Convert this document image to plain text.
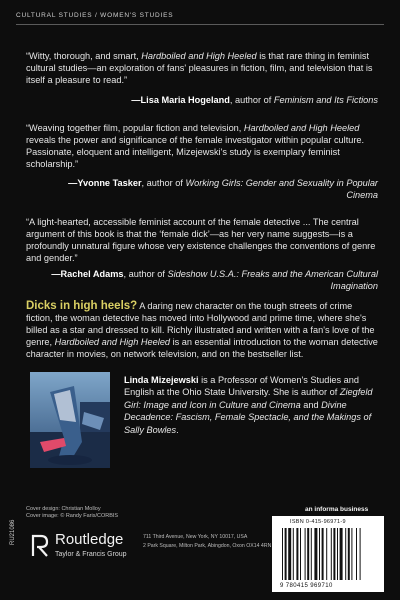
CULTURAL STUDIES / WOMEN'S STUDIES
“Witty, thorough, and smart, Hardboiled and High Heeled is that rare thing in feminist cultural studies—an exploration of fans' pleasures in fiction, film, and television that is itself a pleasure to read.”
—Lisa Maria Hogeland, author of Feminism and Its Fictions
“Weaving together film, popular fiction and television, Hardboiled and High Heeled reveals the power and significance of the female investigator within popular culture. Passionate, eloquent and intelligent, Mizejewski's study is exemplary feminist scholarship.”
—Yvonne Tasker, author of Working Girls: Gender and Sexuality in Popular Cinema
“A light-hearted, accessible feminist account of the female detective ... The central argument of this book is that the ‘female dick’—as her very name suggests—is a profoundly unnatural figure whose very existence challenges the conventions of genre and gender.”
—Rachel Adams, author of Sideshow U.S.A.: Freaks and the American Cultural Imagination
Dicks in high heels? A daring new character on the tough streets of crime fiction, the woman detective has moved into Hollywood and prime time, where she's billed as a star and dressed to kill. Richly illustrated and written with a fan's love of the genre, Hardboiled and High Heeled is an essential introduction to the woman detective character in movies, on network television, and on the bestseller list.
Linda Mizejewski is a Professor of Women's Studies and English at the Ohio State University. She is author of Ziegfeld Girl: Image and Icon in Culture and Cinema and Divine Decadence: Fascism, Female Spectacle, and the Makings of Sally Bowles.
Cover design: Christian Molloy
Cover image: © Randy Faris/CORBIS
RU21086	Routledge
Taylor & Francis Group
711 Third Avenue, New York, NY 10017, USA
2 Park Square, Milton Park, Abingdon, Oxon OX14 4RN
an informa business
ISBN 0-415-96971-9
9 780415 969710
